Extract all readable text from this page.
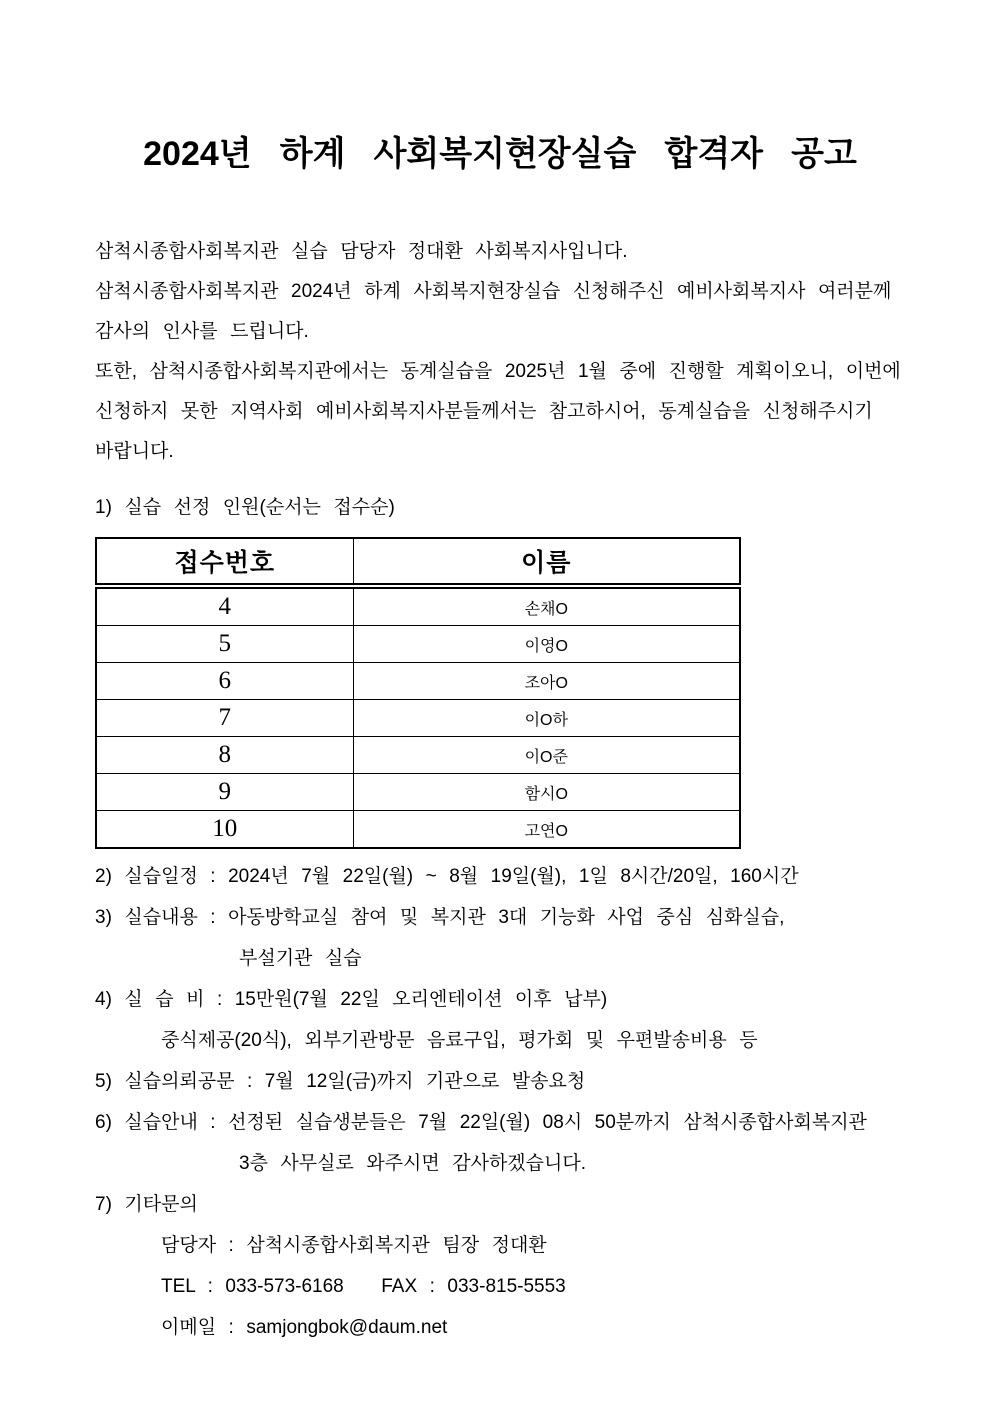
2024년 하계 사회복지현장실습 합격자 공고
삼척시종합사회복지관 실습 담당자 정대환 사회복지사입니다.
삼척시종합사회복지관 2024년 하계 사회복지현장실습 신청해주신 예비사회복지사 여러분께
감사의 인사를 드립니다.
또한, 삼척시종합사회복지관에서는 동계실습을 2025년 1월 중에 진행할 계획이오니, 이번에
신청하지 못한 지역사회 예비사회복지사분들께서는 참고하시어, 동계실습을 신청해주시기
바랍니다.
1) 실습 선정 인원(순서는 접수순)
접수번호	이름
4	손채O
5	이영O
6	조아O
7	이O하
8	이O준
9	함시O
10	고연O
2) 실습일정 : 2024년 7월 22일(월) ~ 8월 19일(월), 1일 8시간/20일, 160시간
3) 실습내용 : 아동방학교실 참여 및 복지관 3대 기능화 사업 중심 심화실습,
부설기관 실습
4) 실 습 비 : 15만원(7월 22일 오리엔테이션 이후 납부)
중식제공(20식), 외부기관방문 음료구입, 평가회 및 우편발송비용 등
5) 실습의뢰공문 : 7월 12일(금)까지 기관으로 발송요청
6) 실습안내 : 선정된 실습생분들은 7월 22일(월) 08시 50분까지 삼척시종합사회복지관
3층 사무실로 와주시면 감사하겠습니다.
7) 기타문의
담당자 : 삼척시종합사회복지관 팀장 정대환
TEL : 033-573-6168   FAX : 033-815-5553
이메일 : samjongbok@daum.net
